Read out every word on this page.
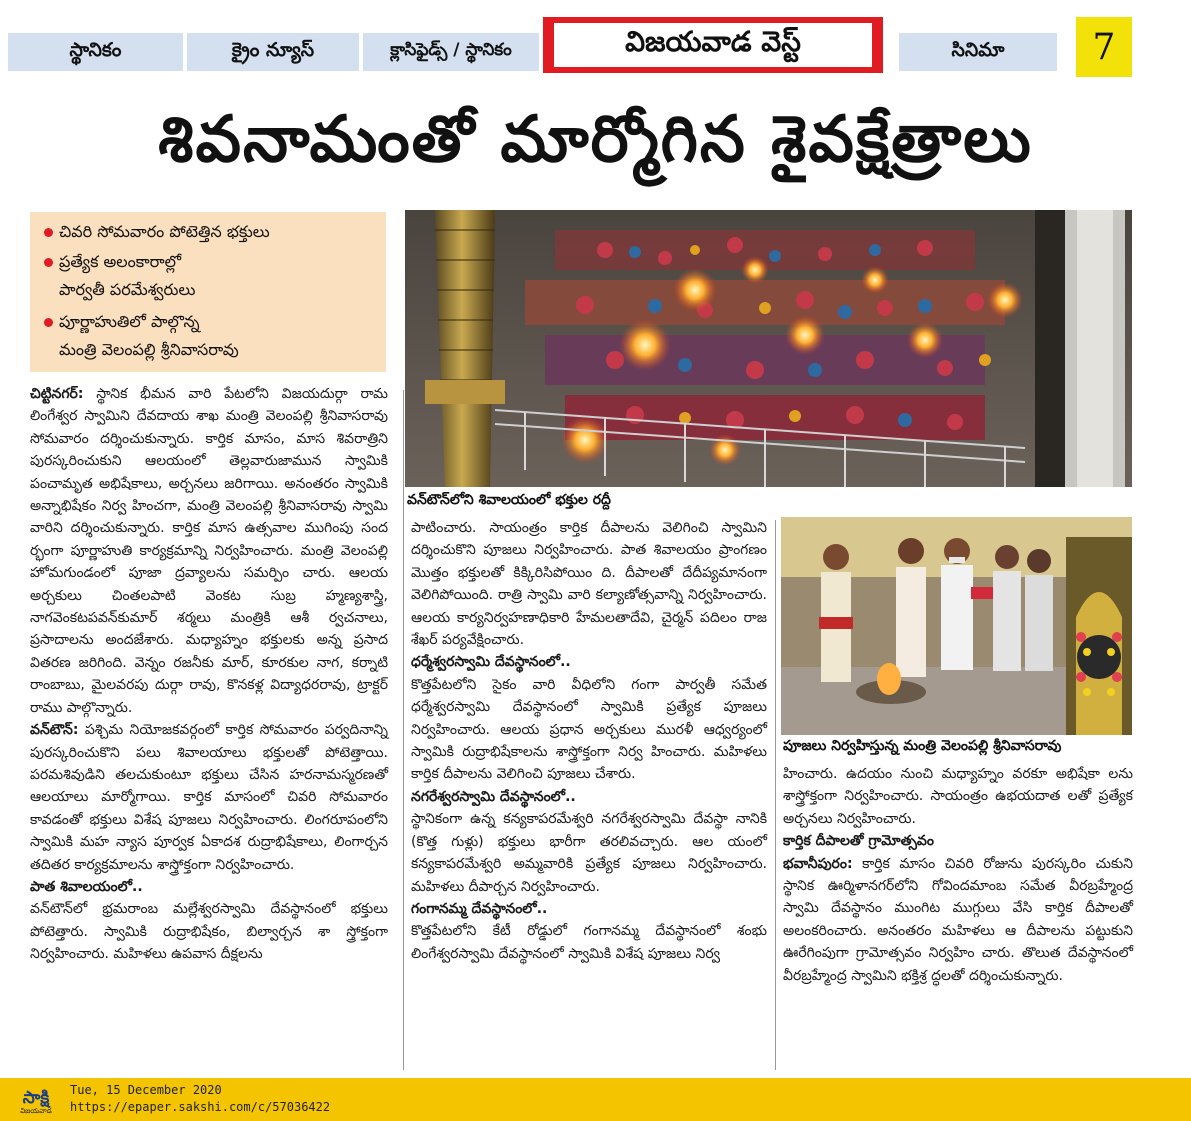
స్థానికం	క్రైం న్యూస్‌	క్లాసిఫైడ్స్‌ / స్థానికం	విజయవాడ వెస్ట్	సినిమా	7
శివనామంతో మార్మోగిన శైవక్షేత్రాలు
చివరి సోమవారం పోటెత్తిన భక్తులు
ప్రత్యేక అలంకారాల్లో
పార్వతీ పరమేశ్వరులు
పూర్ణాహుతిలో పాల్గొన్న
మంత్రి వెలంపల్లి శ్రీనివాసరావు
వన్‌టౌన్‌లోని శివాలయంలో భక్తుల రద్దీ
పూజలు నిర్వహిస్తున్న మంత్రి వెలంపల్లి శ్రీనివాసరావు

చిట్టినగర్‌: స్థానిక భీమన వారి పేటలోని విజయదుర్గా రామ లింగేశ్వర స్వామిని దేవదాయ శాఖ మంత్రి వెలంపల్లి శ్రీనివాసరావు సోమవారం దర్శించుకున్నారు. కార్తిక మాసం, మాస శివరాత్రిని పురస్కరించుకుని ఆలయంలో తెల్లవారుజామున స్వామికి పంచామృత అభిషేకాలు, అర్చనలు జరిగాయి. అనంతరం స్వామికి అన్నాభిషేకం నిర్వ హించగా, మంత్రి వెలంపల్లి శ్రీనివాసరావు స్వామి వారిని దర్శించుకున్నారు. కార్తిక మాస ఉత్సవాల ముగింపు సంద ర్భంగా పూర్ణాహుతి కార్యక్రమాన్ని నిర్వహించారు. మంత్రి వెలంపల్లి హోమగుండంలో పూజా ద్రవ్యాలను సమర్పిం చారు. ఆలయ అర్చకులు చింతలపాటి వెంకట సుబ్ర హ్మణ్యశాస్త్రి, నాగవెంకటపవన్‌కుమార్‌ శర్మలు మంత్రికి ఆశీ ర్వచనాలు, ప్రసాదాలను అందజేశారు. మధ్యాహ్నం భక్తులకు అన్న ప్రసాద వితరణ జరిగింది. వెన్నం రజనీకు మార్‌, కూరకుల నాగ, కర్నాటి రాంబాబు, మైలవరపు దుర్గా రావు, కొనకళ్ల విద్యాధరరావు, ట్రాక్టర్‌ రాము పాల్గొన్నారు.

వన్‌టౌన్‌: పశ్చిమ నియోజకవర్గంలో కార్తిక సోమవారం పర్వదినాన్ని పురస్కరించుకొని పలు శివాలయాలు భక్తులతో పోటెత్తాయి. పరమశివుడిని తలచుకుంటూ భక్తులు చేసిన హరనామస్మరణతో ఆలయాలు మార్మోగాయి. కార్తిక మాసంలో చివరి సోమవారం కావడంతో భక్తులు విశేష పూజలు నిర్వహించారు. లింగరూపంలోని స్వామికి మహ న్యాస పూర్వక ఏకాదశ రుద్రాభిషేకాలు, లింగార్చన తదితర కార్యక్రమాలను శాస్త్రోక్తంగా నిర్వహించారు.

పాత శివాలయంలో..

వన్‌టౌన్‌లో భ్రమరాంబ మల్లేశ్వరస్వామి దేవస్థానంలో భక్తులు పోటెత్తారు. స్వామికి రుద్రాభిషేకం, బిల్వార్చన శా స్త్రోక్తంగా నిర్వహించారు. మహిళలు ఉపవాస దీక్షలను

పాటించారు. సాయంత్రం కార్తిక దీపాలను వెలిగించి స్వామిని దర్శించుకొని పూజలు నిర్వహించారు. పాత శివాలయం ప్రాంగణం మొత్తం భక్తులతో కిక్కిరిసిపోయిం ది. దీపాలతో దేదీప్యమానంగా వెలిగిపోయింది. రాత్రి స్వామి వారి కల్యాణోత్సవాన్ని నిర్వహించారు. ఆలయ కార్యనిర్వహణాధికారి హేమలతాదేవి, చైర్మన్‌ పదిలం రాజ శేఖర్‌ పర్యవేక్షించారు.

ధర్మేశ్వరస్వామి దేవస్థానంలో..

కొత్తపేటలోని సైకం వారి వీధిలోని గంగా పార్వతీ సమేత ధర్మేశ్వరస్వామి దేవస్థానంలో స్వామికి ప్రత్యేక పూజలు నిర్వహించారు. ఆలయ ప్రధాన అర్చకులు మురళీ ఆధ్వర్యంలో స్వామికి రుద్రాభిషేకాలను శాస్త్రోక్తంగా నిర్వ హించారు. మహిళలు కార్తిక దీపాలను వెలిగించి పూజలు చేశారు.

నగరేశ్వరస్వామి దేవస్థానంలో..

స్థానికంగా ఉన్న కన్యకాపరమేశ్వరి నగరేశ్వరస్వామి దేవస్థా నానికి (కొత్త గుళ్లు) భక్తులు భారీగా తరలివచ్చారు. ఆల యంలో కన్యకాపరమేశ్వరి అమ్మవారికి ప్రత్యేక పూజలు నిర్వహించారు. మహిళలు దీపార్చన నిర్వహించారు.

గంగానమ్మ దేవస్థానంలో..

కొత్తపేటలోని కేటీ రోడ్డులో గంగానమ్మ దేవస్థానంలో శంభు లింగేశ్వరస్వామి దేవస్థానంలో స్వామికి విశేష పూజలు నిర్వ

హించారు. ఉదయం నుంచి మధ్యాహ్నం వరకూ అభిషేకా లను శాస్త్రోక్తంగా నిర్వహించారు. సాయంత్రం ఉభయదాత లతో ప్రత్యేక అర్చనలు నిర్వహించారు.

కార్తిక దీపాలతో గ్రామోత్సవం

భవానీపురం: కార్తిక మాసం చివరి రోజును పురస్కరిం చుకుని స్థానిక ఊర్మిళానగర్‌లోని గోవిందమాంబ సమేత వీరబ్రహ్మేంద్ర స్వామి దేవస్థానం ముంగిట ముగ్గులు వేసి కార్తిక దీపాలతో అలంకరించారు. అనంతరం మహిళలు ఆ దీపాలను పట్టుకుని ఊరేగింపుగా గ్రామోత్సవం నిర్వహిం చారు. తొలుత దేవస్థానంలో వీరబ్రహ్మేంద్ర స్వామిని భక్తిశ్ర ద్ధలతో దర్శించుకున్నారు.

సాక్షి
విజయవాడ
Tue, 15 December 2020
https://epaper.sakshi.com/c/57036422
